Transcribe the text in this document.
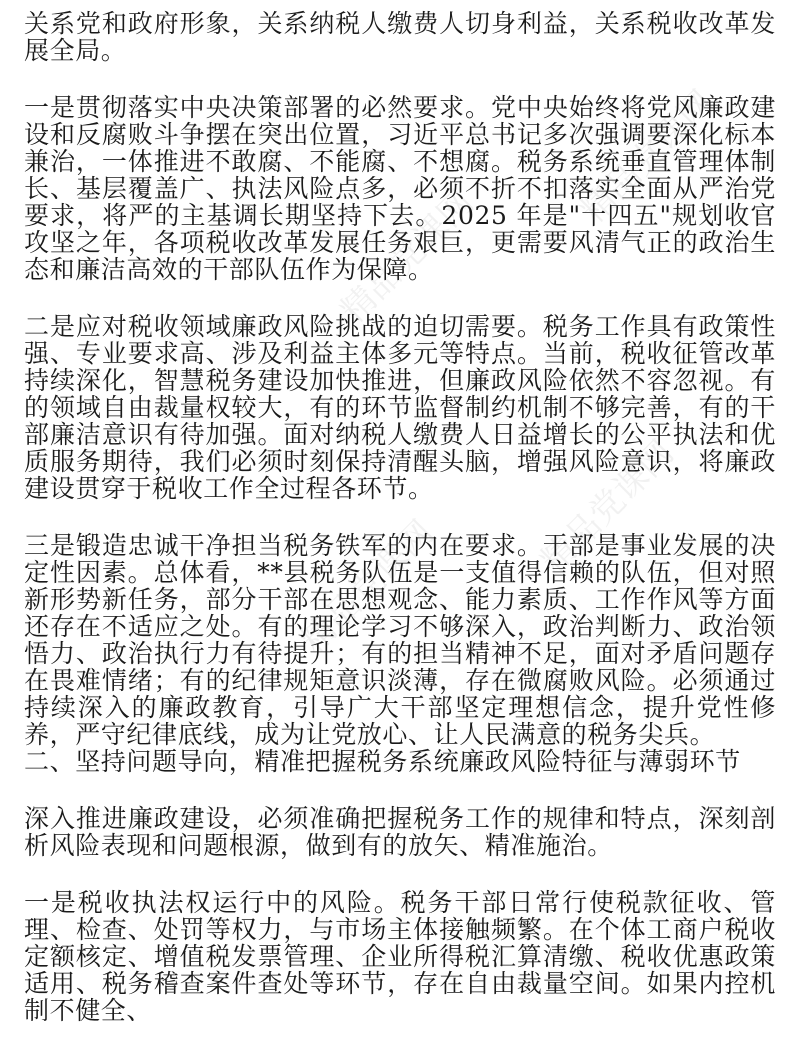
精品党课网
精品党课网
精品党课网
精品党课网

关系党和政府形象，关系纳税人缴费人切身利益，关系税收改革发展全局。

一是贯彻落实中央决策部署的必然要求。党中央始终将党风廉政建设和反腐败斗争摆在突出位置，习近平总书记多次强调要深化标本兼治，一体推进不敢腐、不能腐、不想腐。税务系统垂直管理体制长、基层覆盖广、执法风险点多，必须不折不扣落实全面从严治党要求，将严的主基调长期坚持下去。2025 年是"十四五"规划收官攻坚之年，各项税收改革发展任务艰巨，更需要风清气正的政治生态和廉洁高效的干部队伍作为保障。

二是应对税收领域廉政风险挑战的迫切需要。税务工作具有政策性强、专业要求高、涉及利益主体多元等特点。当前，税收征管改革持续深化，智慧税务建设加快推进，但廉政风险依然不容忽视。有的领域自由裁量权较大，有的环节监督制约机制不够完善，有的干部廉洁意识有待加强。面对纳税人缴费人日益增长的公平执法和优质服务期待，我们必须时刻保持清醒头脑，增强风险意识，将廉政建设贯穿于税收工作全过程各环节。

三是锻造忠诚干净担当税务铁军的内在要求。干部是事业发展的决定性因素。总体看，**县税务队伍是一支值得信赖的队伍，但对照新形势新任务，部分干部在思想观念、能力素质、工作作风等方面还存在不适应之处。有的理论学习不够深入，政治判断力、政治领悟力、政治执行力有待提升；有的担当精神不足，面对矛盾问题存在畏难情绪；有的纪律规矩意识淡薄，存在微腐败风险。必须通过持续深入的廉政教育，引导广大干部坚定理想信念，提升党性修养，严守纪律底线，成为让党放心、让人民满意的税务尖兵。

二、坚持问题导向，精准把握税务系统廉政风险特征与薄弱环节

深入推进廉政建设，必须准确把握税务工作的规律和特点，深刻剖析风险表现和问题根源，做到有的放矢、精准施治。

一是税收执法权运行中的风险。税务干部日常行使税款征收、管理、检查、处罚等权力，与市场主体接触频繁。在个体工商户税收定额核定、增值税发票管理、企业所得税汇算清缴、税收优惠政策适用、税务稽查案件查处等环节，存在自由裁量空间。如果内控机制不健全、
